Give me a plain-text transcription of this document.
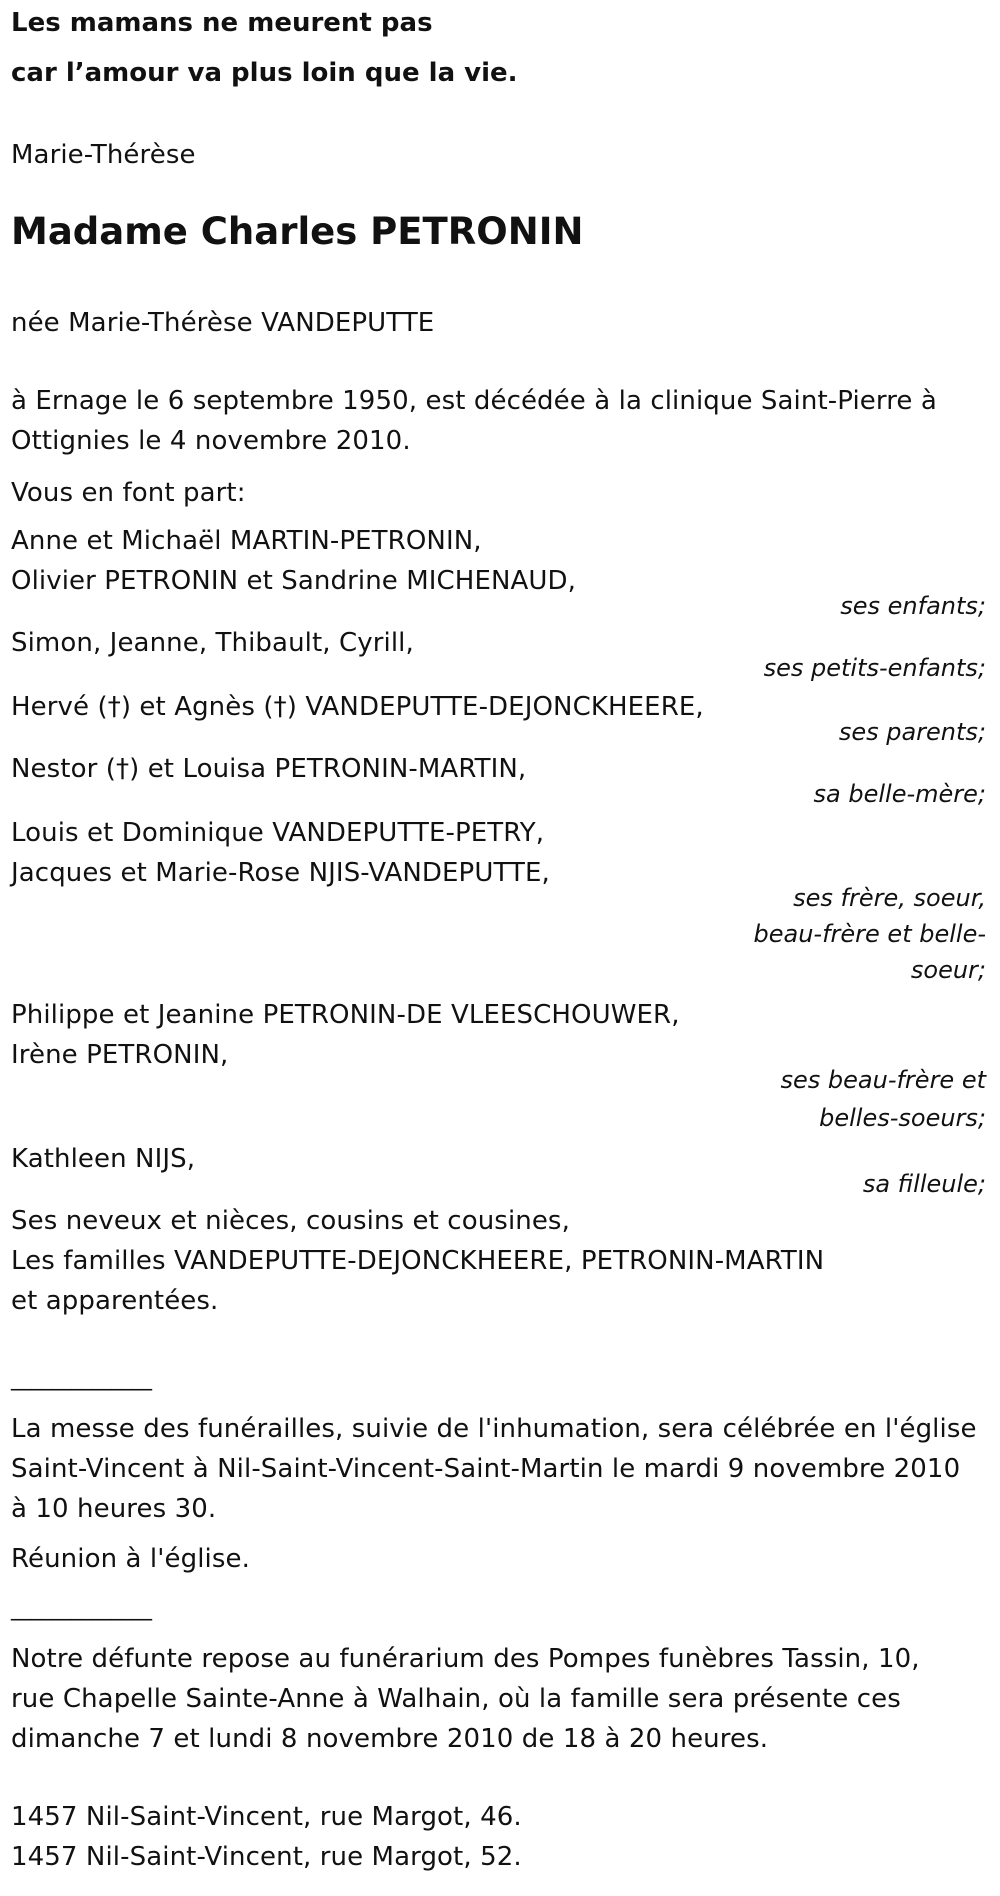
Les mamans ne meurent pas
car l’amour va plus loin que la vie.
Marie-Thérèse
Madame Charles PETRONIN
née Marie-Thérèse VANDEPUTTE
à Ernage le 6 septembre 1950, est décédée à la clinique Saint-Pierre à
Ottignies le 4 novembre 2010.
Vous en font part:
Anne et Michaël MARTIN-PETRONIN,
Olivier PETRONIN et Sandrine MICHENAUD,
ses enfants;
Simon, Jeanne, Thibault, Cyrill,
ses petits-enfants;
Hervé (†) et Agnès (†) VANDEPUTTE-DEJONCKHEERE,
ses parents;
Nestor (†) et Louisa PETRONIN-MARTIN,
sa belle-mère;
Louis et Dominique VANDEPUTTE-PETRY,
Jacques et Marie-Rose NJIS-VANDEPUTTE,
ses frère, soeur,
beau-frère et belle-
soeur;
Philippe et Jeanine PETRONIN-DE VLEESCHOUWER,
Irène PETRONIN,
ses beau-frère et
belles-soeurs;
Kathleen NIJS,
sa filleule;
Ses neveux et nièces, cousins et cousines,
Les familles VANDEPUTTE-DEJONCKHEERE, PETRONIN-MARTIN
et apparentées.
______________
La messe des funérailles, suivie de l'inhumation, sera célébrée en l'église
Saint-Vincent à Nil-Saint-Vincent-Saint-Martin le mardi 9 novembre 2010
à 10 heures 30.
Réunion à l'église.
______________
Notre défunte repose au funérarium des Pompes funèbres Tassin, 10,
rue Chapelle Sainte-Anne à Walhain, où la famille sera présente ces
dimanche 7 et lundi 8 novembre 2010 de 18 à 20 heures.
1457 Nil-Saint-Vincent, rue Margot, 46.
1457 Nil-Saint-Vincent, rue Margot, 52.
